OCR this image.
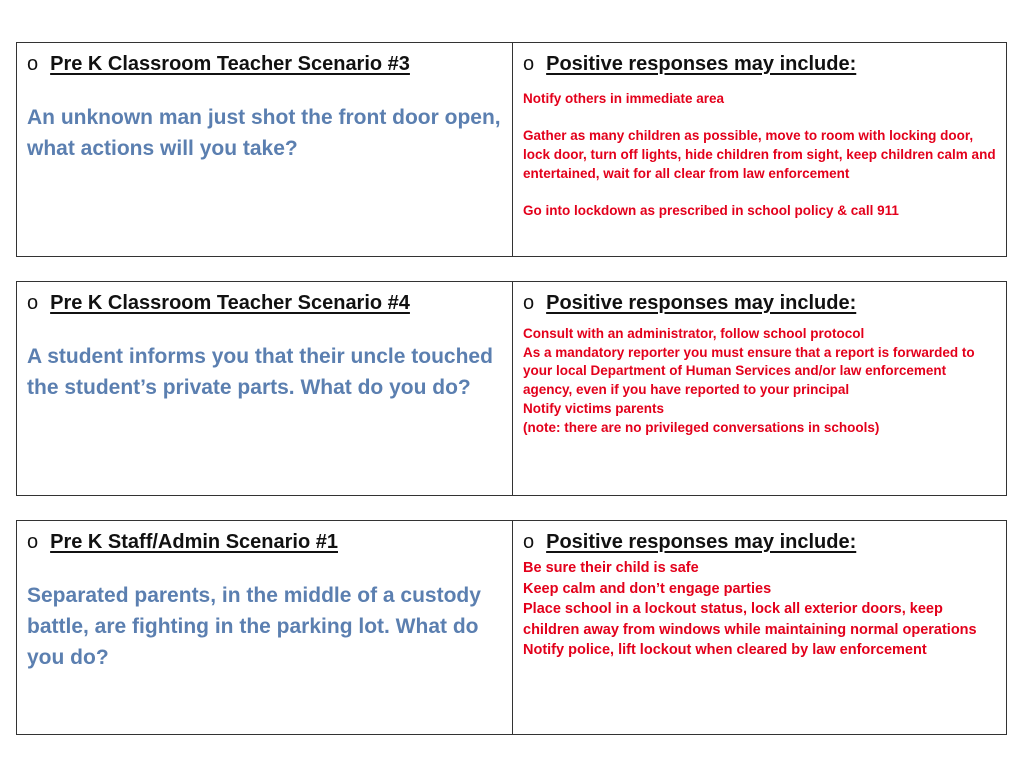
o Pre K Classroom Teacher Scenario #3
An unknown man just shot the front door open, what actions will you take?
o Positive responses may include:
Notify others in immediate area
Gather as many children as possible, move to room with locking door, lock door, turn off lights, hide children from sight, keep children calm and entertained, wait for all clear from law enforcement
Go into lockdown as prescribed in school policy & call 911
o Pre K Classroom Teacher Scenario #4
A student informs you that their uncle touched the student’s private parts. What do you do?
o Positive responses may include:
Consult with an administrator, follow school protocol
As a mandatory reporter you must ensure that a report is forwarded to your local Department of Human Services and/or law enforcement agency, even if you have reported to your principal
Notify victims parents
(note: there are no privileged conversations in schools)
o Pre K Staff/Admin Scenario #1
Separated parents, in the middle of a custody battle, are fighting in the parking lot. What do you do?
o Positive responses may include:
Be sure their child is safe
Keep calm and don’t engage parties
Place school in a lockout status, lock all exterior doors, keep children away from windows while maintaining normal operations
Notify police, lift lockout when cleared by law enforcement
